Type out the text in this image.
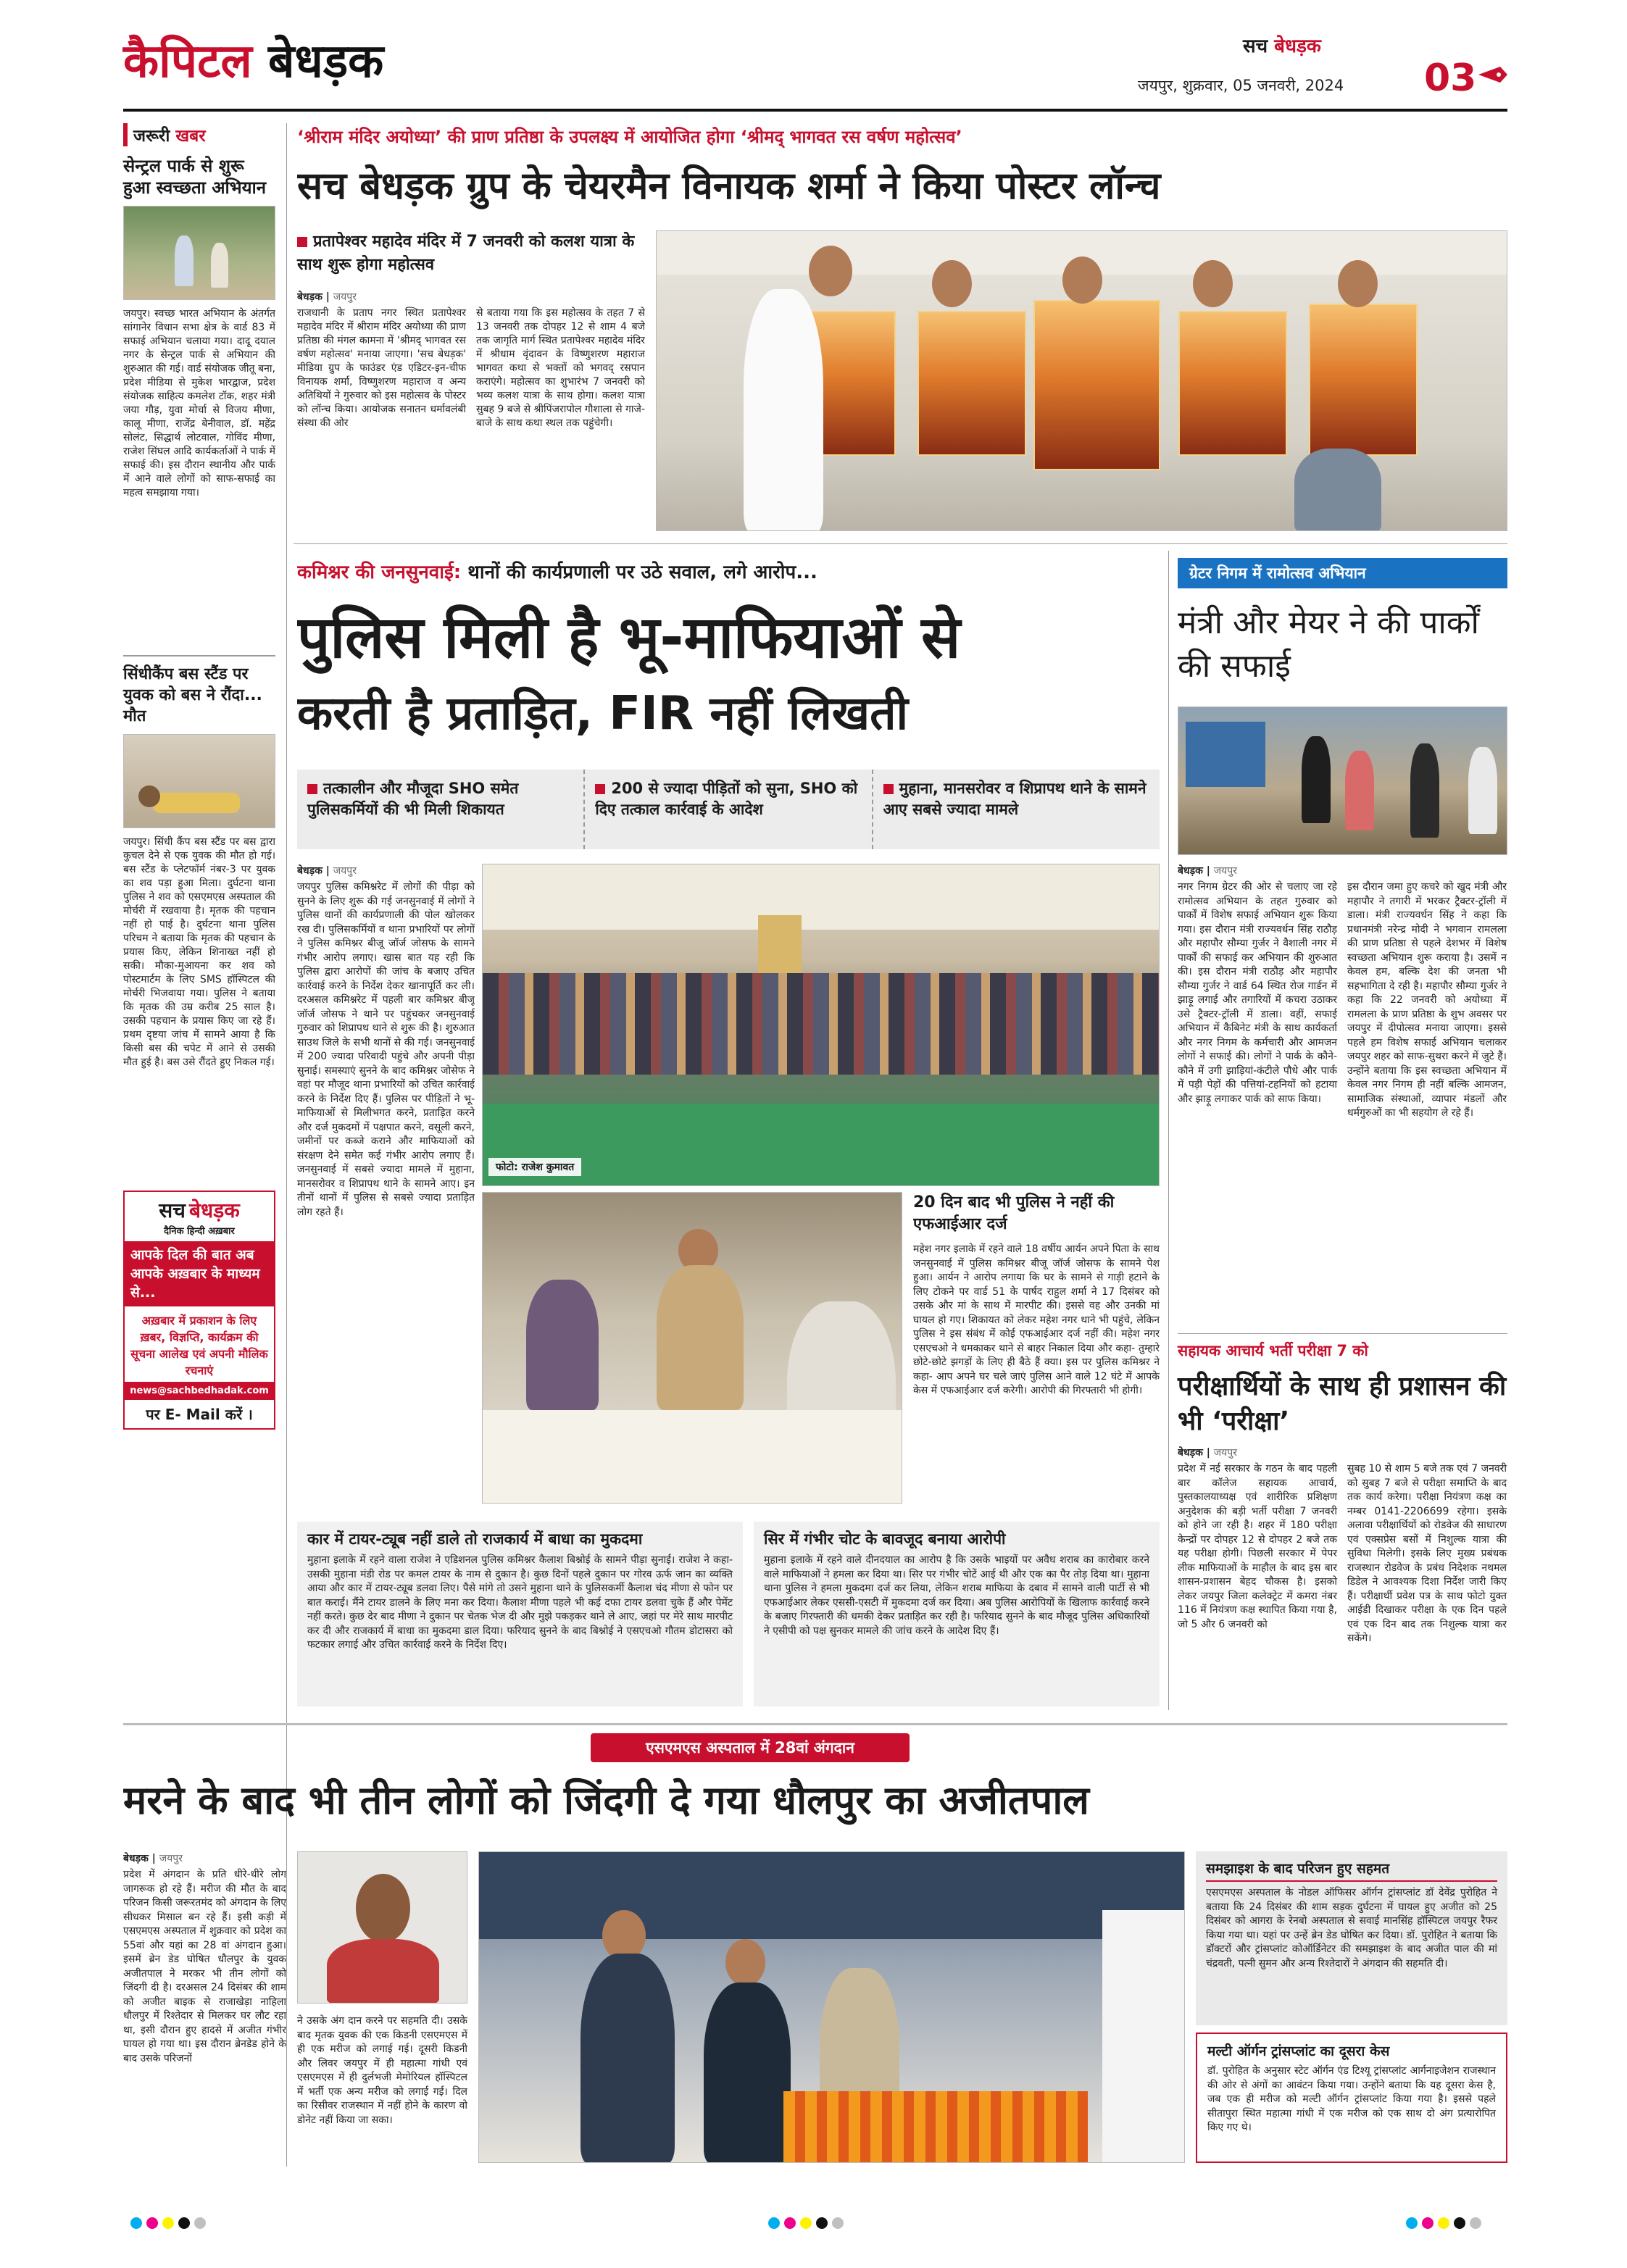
कैपिटल बेधड़क	सच बेधड़क
जयपुर, शुक्रवार, 05 जनवरी, 2024 03
जरूरी खबर
सेन्ट्रल पार्क से शुरू हुआ स्वच्छता अभियान
जयपुर। स्वच्छ भारत अभियान के अंतर्गत सांगानेर विधान सभा क्षेत्र के वार्ड 83 में सफाई अभियान चलाया गया। दादू दयाल नगर के सेन्ट्रल पार्क से अभियान की शुरुआत की गई। वार्ड संयोजक जीतू बना, प्रदेश मीडिया से मुकेश भारद्वाज, प्रदेश संयोजक साहित्य कमलेश टॉक, शहर मंत्री जया गौड़, युवा मोर्चा से विजय मीणा, कालू मीणा, राजेंद्र बेनीवाल, डॉ. महेंद्र सोलंट, सिद्धार्थ लोटवाल, गोविंद मीणा, राजेश सिंघल आदि कार्यकर्ताओं ने पार्क में सफाई की। इस दौरान स्थानीय और पार्क में आने वाले लोगों को साफ-सफाई का महत्व समझाया गया।
सिंधीकैंप बस स्टैंड पर युवक को बस ने रौंदा... मौत
जयपुर। सिंधी कैंप बस स्टैंड पर बस द्वारा कुचल देने से एक युवक की मौत हो गई। बस स्टैंड के प्लेटफॉर्म नंबर-3 पर युवक का शव पड़ा हुआ मिला। दुर्घटना थाना पुलिस ने शव को एसएमएस अस्पताल की मोर्चरी में रखवाया है। मृतक की पहचान नहीं हो पाई है। दुर्घटना थाना पुलिस परिचम ने बताया कि मृतक की पहचान के प्रयास किए, लेकिन शिनाख्त नहीं हो सकी। मौका-मुआयना कर शव को पोस्टमार्टम के लिए SMS हॉस्पिटल की मोर्चरी भिजवाया गया। पुलिस ने बताया कि मृतक की उम्र करीब 25 साल है। उसकी पहचान के प्रयास किए जा रहे हैं। प्रथम दृष्टया जांच में सामने आया है कि किसी बस की चपेट में आने से उसकी मौत हुई है। बस उसे रौंदते हुए निकल गई।
सच बेधड़क
दैनिक हिन्दी अख़बार
आपके दिल की बात अब आपके अख़बार के माध्यम से...
अख़बार में प्रकाशन के लिए ख़बर, विज्ञप्ति, कार्यक्रम की सूचना आलेख एवं अपनी मौलिक रचनाएं
news@sachbedhadak.com
पर E- Mail करें ।
‘श्रीराम मंदिर अयोध्या’ की प्राण प्रतिष्ठा के उपलक्ष्य में आयोजित होगा ‘श्रीमद् भागवत रस वर्षण महोत्सव’
सच बेधड़क ग्रुप के चेयरमैन विनायक शर्मा ने किया पोस्टर लॉन्च
प्रतापेश्वर महादेव मंदिर में 7 जनवरी को कलश यात्रा के साथ शुरू होगा महोत्सव
बेधड़क | जयपुर
राजधानी के प्रताप नगर स्थित प्रतापेश्वर महादेव मंदिर में श्रीराम मंदिर अयोध्या की प्राण प्रतिष्ठा की मंगल कामना में 'श्रीमद् भागवत रस वर्षण महोत्सव' मनाया जाएगा। 'सच बेधड़क' मीडिया ग्रुप के फाउंडर एंड एडिटर-इन-चीफ विनायक शर्मा, विष्णुशरण महाराज व अन्य अतिथियों ने गुरुवार को इस महोत्सव के पोस्टर को लॉन्च किया। आयोजक सनातन धर्मावलंबी संस्था की ओर
से बताया गया कि इस महोत्सव के तहत 7 से 13 जनवरी तक दोपहर 12 से शाम 4 बजे तक जागृति मार्ग स्थित प्रतापेश्वर महादेव मंदिर में श्रीधाम वृंदावन के विष्णुशरण महाराज भागवत कथा से भक्तों को भगवद् रसपान कराएंगे। महोत्सव का शुभारंभ 7 जनवरी को भव्य कलश यात्रा के साथ होगा। कलश यात्रा सुबह 9 बजे से श्रीपिंजरापोल गौशाला से गाजे-बाजे के साथ कथा स्थल तक पहुंचेगी।
कमिश्नर की जनसुनवाई: थानों की कार्यप्रणाली पर उठे सवाल, लगे आरोप...
पुलिस मिली है भू-माफियाओं से
करती है प्रताड़ित, FIR नहीं लिखती
तत्कालीन और मौजूदा SHO समेत पुलिसकर्मियों की भी मिली शिकायत
200 से ज्यादा पीड़ितों को सुना, SHO को दिए तत्काल कार्रवाई के आदेश
मुहाना, मानसरोवर व शिप्रापथ थाने के सामने आए सबसे ज्यादा मामले
बेधड़क | जयपुर
जयपुर पुलिस कमिश्नरेट में लोगों की पीड़ा को सुनने के लिए शुरू की गई जनसुनवाई में लोगों ने पुलिस थानों की कार्यप्रणाली की पोल खोलकर रख दी। पुलिसकर्मियों व थाना प्रभारियों पर लोगों ने पुलिस कमिश्नर बीजू जॉर्ज जोसफ के सामने गंभीर आरोप लगाए। खास बात यह रही कि पुलिस द्वारा आरोपों की जांच के बजाए उचित कार्रवाई करने के निर्देश देकर खानापूर्ति कर ली। दरअसल कमिश्नरेट में पहली बार कमिश्नर बीजू जॉर्ज जोसफ ने थाने पर पहुंचकर जनसुनवाई गुरुवार को शिप्रापथ थाने से शुरू की है। शुरुआत साउथ जिले के सभी थानों से की गई। जनसुनवाई में 200 ज्यादा परिवादी पहुंचे और अपनी पीड़ा सुनाई। समस्याएं सुनने के बाद कमिश्नर जोसेफ ने वहां पर मौजूद थाना प्रभारियों को उचित कार्रवाई करने के निर्देश दिए हैं। पुलिस पर पीड़ितों ने भू-माफियाओं से मिलीभगत करने, प्रताड़ित करने और दर्ज मुकदमों में पक्षपात करने, वसूली करने, जमीनों पर कब्जे कराने और माफियाओं को संरक्षण देने समेत कई गंभीर आरोप लगाए हैं। जनसुनवाई में सबसे ज्यादा मामले में मुहाना, मानसरोवर व शिप्रापथ थाने के सामने आए। इन तीनों थानों में पुलिस से सबसे ज्यादा प्रताड़ित लोग रहते हैं।
फोटो: राजेश कुमावत
20 दिन बाद भी पुलिस ने नहीं की एफआईआर दर्ज
महेश नगर इलाके में रहने वाले 18 वर्षीय आर्यन अपने पिता के साथ जनसुनवाई में पुलिस कमिश्नर बीजू जॉर्ज जोसफ के सामने पेश हुआ। आर्यन ने आरोप लगाया कि घर के सामने से गाड़ी हटाने के लिए टोकने पर वार्ड 51 के पार्षद राहुल शर्मा ने 17 दिसंबर को उसके और मां के साथ में मारपीट की। इससे वह और उनकी मां घायल हो गए। शिकायत को लेकर महेश नगर थाने भी पहुंचे, लेकिन पुलिस ने इस संबंध में कोई एफआईआर दर्ज नहीं की। महेश नगर एसएचओ ने धमकाकर थाने से बाहर निकाल दिया और कहा- तुम्हारे छोटे-छोटे झगड़ों के लिए ही बैठे हैं क्या। इस पर पुलिस कमिश्नर ने कहा- आप अपने घर चले जाएं पुलिस आने वाले 12 घंटे में आपके केस में एफआईआर दर्ज करेगी। आरोपी की गिरफ्तारी भी होगी।
कार में टायर-ट्यूब नहीं डाले तो राजकार्य में बाधा का मुकदमा
मुहाना इलाके में रहने वाला राजेश ने एडिशनल पुलिस कमिश्नर कैलाश बिश्नोई के सामने पीड़ा सुनाई। राजेश ने कहा- उसकी मुहाना मंडी रोड पर कमल टायर के नाम से दुकान है। कुछ दिनों पहले दुकान पर गोरव ऊर्फ जान का व्यक्ति आया और कार में टायर-ट्यूब डलवा लिए। पैसे मांगे तो उसने मुहाना थाने के पुलिसकर्मी कैलाश चंद मीणा से फोन पर बात कराई। मैंने टायर डालने के लिए मना कर दिया। कैलाश मीणा पहले भी कई दफा टायर डलवा चुके हैं और पेमेंट नहीं करते। कुछ देर बाद मीणा ने दुकान पर चेतक भेज दी और मुझे पकड़कर थाने ले आए, जहां पर मेरे साथ मारपीट कर दी और राजकार्य में बाधा का मुकदमा डाल दिया। फरियाद सुनने के बाद बिश्नोई ने एसएचओ गौतम डोटासरा को फटकार लगाई और उचित कार्रवाई करने के निर्देश दिए।
सिर में गंभीर चोट के बावजूद बनाया आरोपी
मुहाना इलाके में रहने वाले दीनदयाल का आरोप है कि उसके भाइयों पर अवैध शराब का कारोबार करने वाले माफियाओं ने हमला कर दिया था। सिर पर गंभीर चोटें आई थी और एक का पैर तोड़ दिया था। मुहाना थाना पुलिस ने हमला मुकदमा दर्ज कर लिया, लेकिन शराब माफिया के दबाव में सामने वाली पार्टी से भी एफआईआर लेकर एससी-एसटी में मुकदमा दर्ज कर दिया। अब पुलिस आरोपियों के खिलाफ कार्रवाई करने के बजाए गिरफ्तारी की धमकी देकर प्रताड़ित कर रही है। फरियाद सुनने के बाद मौजूद पुलिस अधिकारियों ने एसीपी को पक्ष सुनकर मामले की जांच करने के आदेश दिए हैं।
ग्रेटर निगम में रामोत्सव अभियान
मंत्री और मेयर ने की पार्कों की सफाई
बेधड़क | जयपुर
नगर निगम ग्रेटर की ओर से चलाए जा रहे रामोत्सव अभियान के तहत गुरुवार को पार्कों में विशेष सफाई अभियान शुरू किया गया। इस दौरान मंत्री राज्यवर्धन सिंह राठौड़ और महापौर सौम्या गुर्जर ने वैशाली नगर में पार्कों की सफाई कर अभियान की शुरुआत की। इस दौरान मंत्री राठौड़ और महापौर सौम्या गुर्जर ने वार्ड 64 स्थित रोज गार्डन में झाड़ू लगाई और तगारियों में कचरा उठाकर उसे ट्रैक्टर-ट्रॉली में डाला। वहीं, सफाई अभियान में कैबिनेट मंत्री के साथ कार्यकर्ता और नगर निगम के कर्मचारी और आमजन लोगों ने सफाई की। लोगों ने पार्क के कौने-कौने में उगी झाड़ियां-कंटीले पौधे और पार्क में पड़ी पेड़ों की पत्तियां-टहनियों को हटाया और झाड़ू लगाकर पार्क को साफ किया।
इस दौरान जमा हुए कचरे को खुद मंत्री और महापौर ने तगारी में भरकर ट्रैक्टर-ट्रॉली में डाला। मंत्री राज्यवर्धन सिंह ने कहा कि प्रधानमंत्री नरेन्द्र मोदी ने भगवान रामलला की प्राण प्रतिष्ठा से पहले देशभर में विशेष स्वच्छता अभियान शुरू कराया है। उसमें न केवल हम, बल्कि देश की जनता भी सहभागिता दे रही है। महापौर सौम्या गुर्जर ने कहा कि 22 जनवरी को अयोध्या में रामलला के प्राण प्रतिष्ठा के शुभ अवसर पर जयपुर में दीपोत्सव मनाया जाएगा। इससे पहले हम विशेष सफाई अभियान चलाकर जयपुर शहर को साफ-सुथरा करने में जुटे हैं। उन्होंने बताया कि इस स्वच्छता अभियान में केवल नगर निगम ही नहीं बल्कि आमजन, सामाजिक संस्थाओं, व्यापार मंडलों और धर्मगुरुओं का भी सहयोग ले रहे हैं।
सहायक आचार्य भर्ती परीक्षा 7 को
परीक्षार्थियों के साथ ही प्रशासन की भी ‘परीक्षा’
बेधड़क | जयपुर
प्रदेश में नई सरकार के गठन के बाद पहली बार कॉलेज सहायक आचार्य, पुस्तकालयाध्यक्ष एवं शारीरिक प्रशिक्षण अनुदेशक की बड़ी भर्ती परीक्षा 7 जनवरी को होने जा रही है। शहर में 180 परीक्षा केन्द्रों पर दोपहर 12 से दोपहर 2 बजे तक यह परीक्षा होगी। पिछली सरकार में पेपर लीक माफियाओं के माहौल के बाद इस बार शासन-प्रशासन बेहद चौकस है। इसको लेकर जयपुर जिला कलेक्ट्रेट में कमरा नंबर 116 में नियंत्रण कक्ष स्थापित किया गया है, जो 5 और 6 जनवरी को
सुबह 10 से शाम 5 बजे तक एवं 7 जनवरी को सुबह 7 बजे से परीक्षा समाप्ति के बाद तक कार्य करेगा। परीक्षा नियंत्रण कक्ष का नम्बर 0141-2206699 रहेगा। इसके अलावा परीक्षार्थियों को रोडवेज की साधारण एवं एक्सप्रेस बसों में निशुल्क यात्रा की सुविधा मिलेगी। इसके लिए मुख्य प्रबंधक राजस्थान रोडवेज के प्रबंध निदेशक नथमल डिडेल ने आवश्यक दिशा निर्देश जारी किए हैं। परीक्षार्थी प्रवेश पत्र के साथ फोटो युक्त आईडी दिखाकर परीक्षा के एक दिन पहले एवं एक दिन बाद तक निशुल्क यात्रा कर सकेंगे।
एसएमएस अस्पताल में 28वां अंगदान
मरने के बाद भी तीन लोगों को जिंदगी दे गया धौलपुर का अजीतपाल
बेधड़क | जयपुर
प्रदेश में अंगदान के प्रति धीरे-धीरे लोग जागरूक हो रहे हैं। मरीज की मौत के बाद परिजन किसी जरूरतमंद को अंगदान के लिए सीधकर मिसाल बन रहे हैं। इसी कड़ी में एसएमएस अस्पताल में शुक्रवार को प्रदेश का 55वां और यहां का 28 वां अंगदान हुआ। इसमें ब्रेन डेड घोषित धौलपुर के युवक अजीतपाल ने मरकर भी तीन लोगों को जिंदगी दी है। दरअसल 24 दिसंबर की शाम को अजीत बाइक से राजाखेड़ा नाहिला धौलपुर में रिश्तेदार से मिलकर घर लौट रहा था, इसी दौरान हुए हादसे में अजीत गंभीर घायल हो गया था। इस दौरान ब्रेनडेड होने के बाद उसके परिजनों
ने उसके अंग दान करने पर सहमति दी। उसके बाद मृतक युवक की एक किडनी एसएमएस में ही एक मरीज को लगाई गई। दूसरी किडनी और लिवर जयपुर में ही महात्मा गांधी एवं एसएमएस में ही दुर्लभजी मेमोरियल हॉस्पिटल में भर्ती एक अन्य मरीज को लगाई गई। दिल का रिसीवर राजस्थान में नहीं होने के कारण वो डोनेट नहीं किया जा सका।
समझाइश के बाद परिजन हुए सहमत
एसएमएस अस्पताल के नोडल ऑफिसर ऑर्गन ट्रांसप्लांट डॉ देवेंद्र पुरोहित ने बताया कि 24 दिसंबर की शाम सड़क दुर्घटना में घायल हुए अजीत को 25 दिसंबर को आगरा के रेनबो अस्पताल से सवाई मानसिंह हॉस्पिटल जयपुर रैफर किया गया था। यहां पर उन्हें ब्रेन डेड घोषित कर दिया। डॉ. पुरोहित ने बताया कि डॉक्टरों और ट्रांसप्लांट कोऑर्डिनेटर की समझाइश के बाद अजीत पाल की मां चंद्रवती, पत्नी सुमन और अन्य रिश्तेदारों ने अंगदान की सहमति दी।
मल्टी ऑर्गन ट्रांसप्लांट का दूसरा केस
डॉ. पुरोहित के अनुसार स्टेट ऑर्गन एंड टिश्यू ट्रांसप्लांट आर्गनाइजेशन राजस्थान की ओर से अंगों का आवंटन किया गया। उन्होंने बताया कि यह दूसरा केस है, जब एक ही मरीज को मल्टी ऑर्गन ट्रांसप्लांट किया गया है। इससे पहले सीतापुरा स्थित महात्मा गांधी में एक मरीज को एक साथ दो अंग प्रत्यारोपित किए गए थे।
